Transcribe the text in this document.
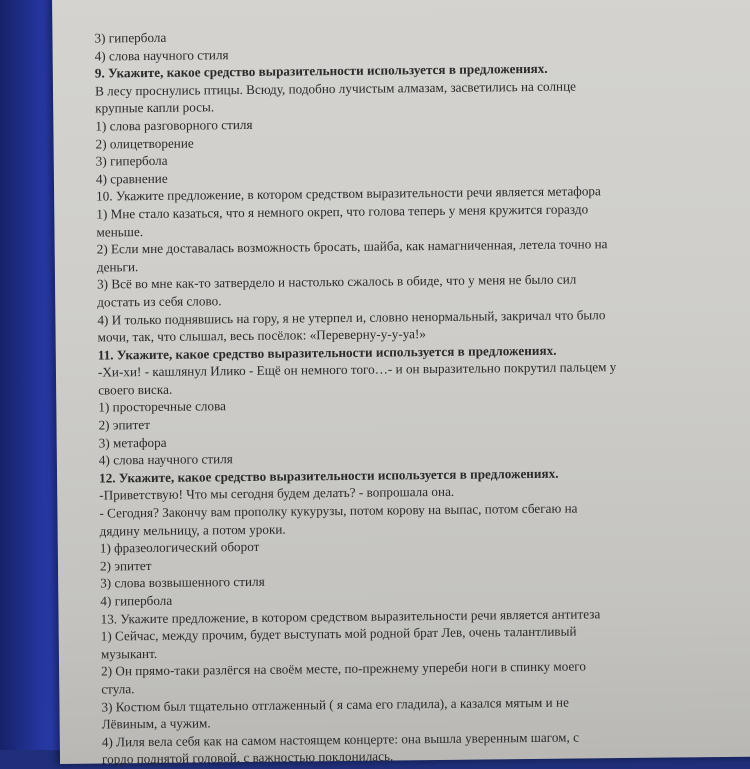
3) гипербола
4) слова научного стиля
9. Укажите, какое средство выразительности используется в предложениях.
В лесу проснулись птицы. Всюду, подобно лучистым алмазам, засветились на солнце
крупные капли росы.
1) слова разговорного стиля
2) олицетворение
3) гипербола
4) сравнение
10. Укажите предложение, в котором средством выразительности речи является метафора
1) Мне стало казаться, что я немного окреп, что голова теперь у меня кружится гораздо
меньше.
2) Если мне доставалась возможность бросать, шайба, как намагниченная, летела точно на
деньги.
3) Всё во мне как-то затвердело и настолько сжалось в обиде, что у меня не было сил
достать из себя слово.
4) И только поднявшись на гору, я не утерпел и, словно ненормальный, закричал что было
мочи, так, что слышал, весь посёлок: «Переверну-у-у-уа!»
11. Укажите, какое средство выразительности используется в предложениях.
-Хи-хи! - кашлянул Илико - Ещё он немного того…- и он выразительно покрутил пальцем у
своего виска.
1) просторечные слова
2) эпитет
3) метафора
4) слова научного стиля
12. Укажите, какое средство выразительности используется в предложениях.
-Приветствую! Что мы сегодня будем делать? - вопрошала она.
- Сегодня? Закончу вам прополку кукурузы, потом корову на выпас, потом сбегаю на
дядину мельницу, а потом уроки.
1) фразеологический оборот
2) эпитет
3) слова возвышенного стиля
4) гипербола
13. Укажите предложение, в котором средством выразительности речи является антитеза
1) Сейчас, между прочим, будет выступать мой родной брат Лев, очень талантливый
музыкант.
2) Он прямо-таки разлёгся на своём месте, по-прежнему упереби ноги в спинку моего
стула.
3) Костюм был тщательно отглаженный ( я сама его гладила), а казался мятым и не
Лёвиным, а чужим.
4) Лиля вела себя как на самом настоящем концерте: она вышла уверенным шагом, с
гордо поднятой головой, с важностью поклонилась.
